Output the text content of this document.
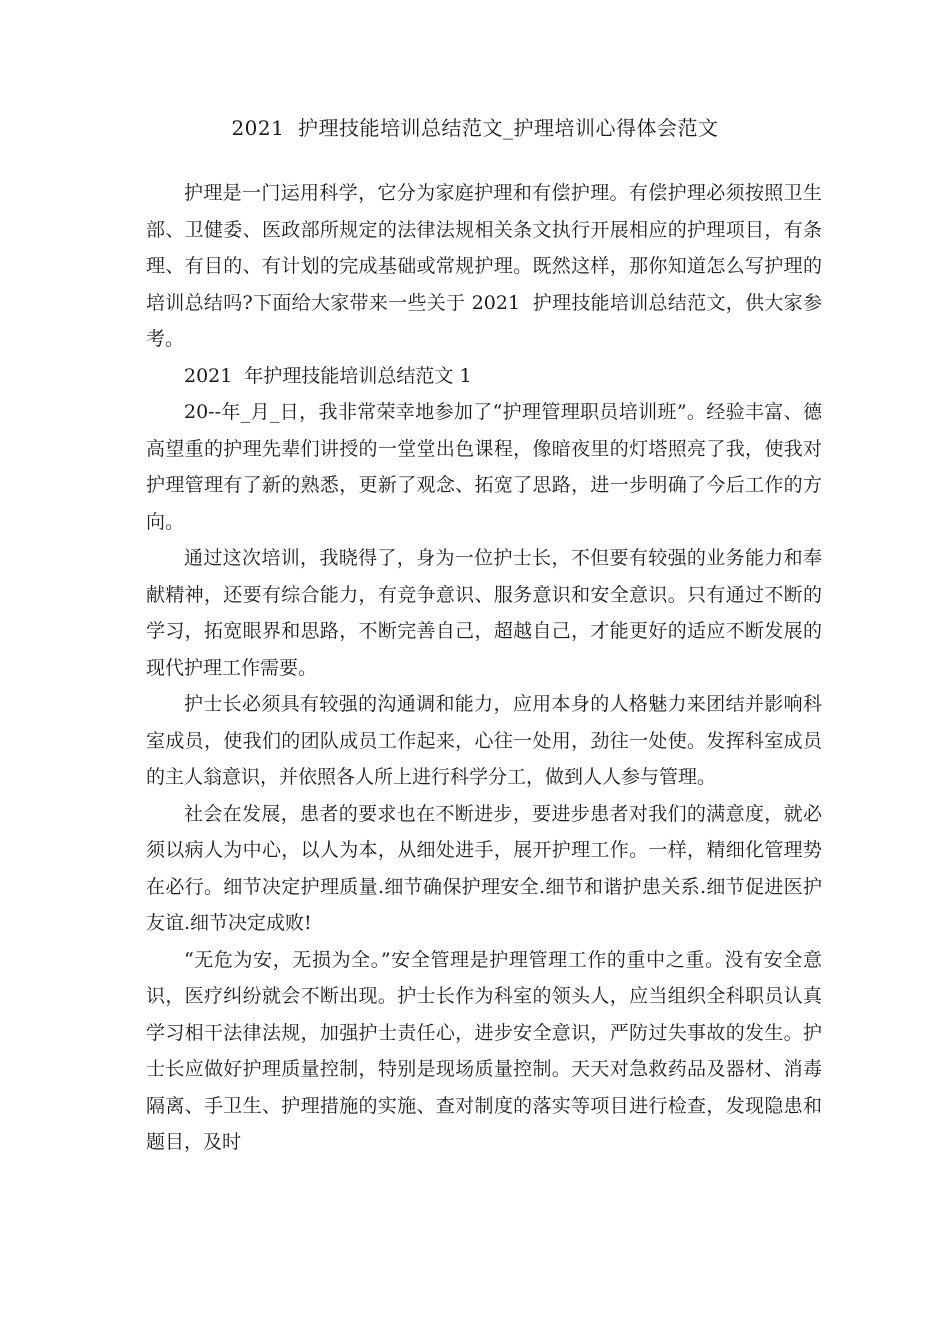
2021  护理技能培训总结范文_护理培训心得体会范文

护理是一门运用科学，它分为家庭护理和有偿护理。有偿护理必须按照卫生部、卫健委、医政部所规定的法律法规相关条文执行开展相应的护理项目，有条理、有目的、有计划的完成基础或常规护理。既然这样，那你知道怎么写护理的培训总结吗?下面给大家带来一些关于 2021  护理技能培训总结范文，供大家参考。

2021  年护理技能培训总结范文 1

20--年_月_日，我非常荣幸地参加了“护理管理职员培训班”。经验丰富、德高望重的护理先辈们讲授的一堂堂出色课程，像暗夜里的灯塔照亮了我，使我对护理管理有了新的熟悉，更新了观念、拓宽了思路，进一步明确了今后工作的方向。

通过这次培训，我晓得了，身为一位护士长，不但要有较强的业务能力和奉献精神，还要有综合能力，有竞争意识、服务意识和安全意识。只有通过不断的学习，拓宽眼界和思路，不断完善自己，超越自己，才能更好的适应不断发展的现代护理工作需要。

护士长必须具有较强的沟通调和能力，应用本身的人格魅力来团结并影响科室成员，使我们的团队成员工作起来，心往一处用，劲往一处使。发挥科室成员的主人翁意识，并依照各人所上进行科学分工，做到人人参与管理。

社会在发展，患者的要求也在不断进步，要进步患者对我们的满意度，就必须以病人为中心，以人为本，从细处进手，展开护理工作。一样，精细化管理势在必行。细节决定护理质量.细节确保护理安全.细节和谐护患关系.细节促进医护友谊.细节决定成败!

“无危为安，无损为全。”安全管理是护理管理工作的重中之重。没有安全意识，医疗纠纷就会不断出现。护士长作为科室的领头人，应当组织全科职员认真学习相干法律法规，加强护士责任心，进步安全意识，严防过失事故的发生。护士长应做好护理质量控制，特别是现场质量控制。天天对急救药品及器材、消毒隔离、手卫生、护理措施的实施、查对制度的落实等项目进行检查，发现隐患和题目，及时
